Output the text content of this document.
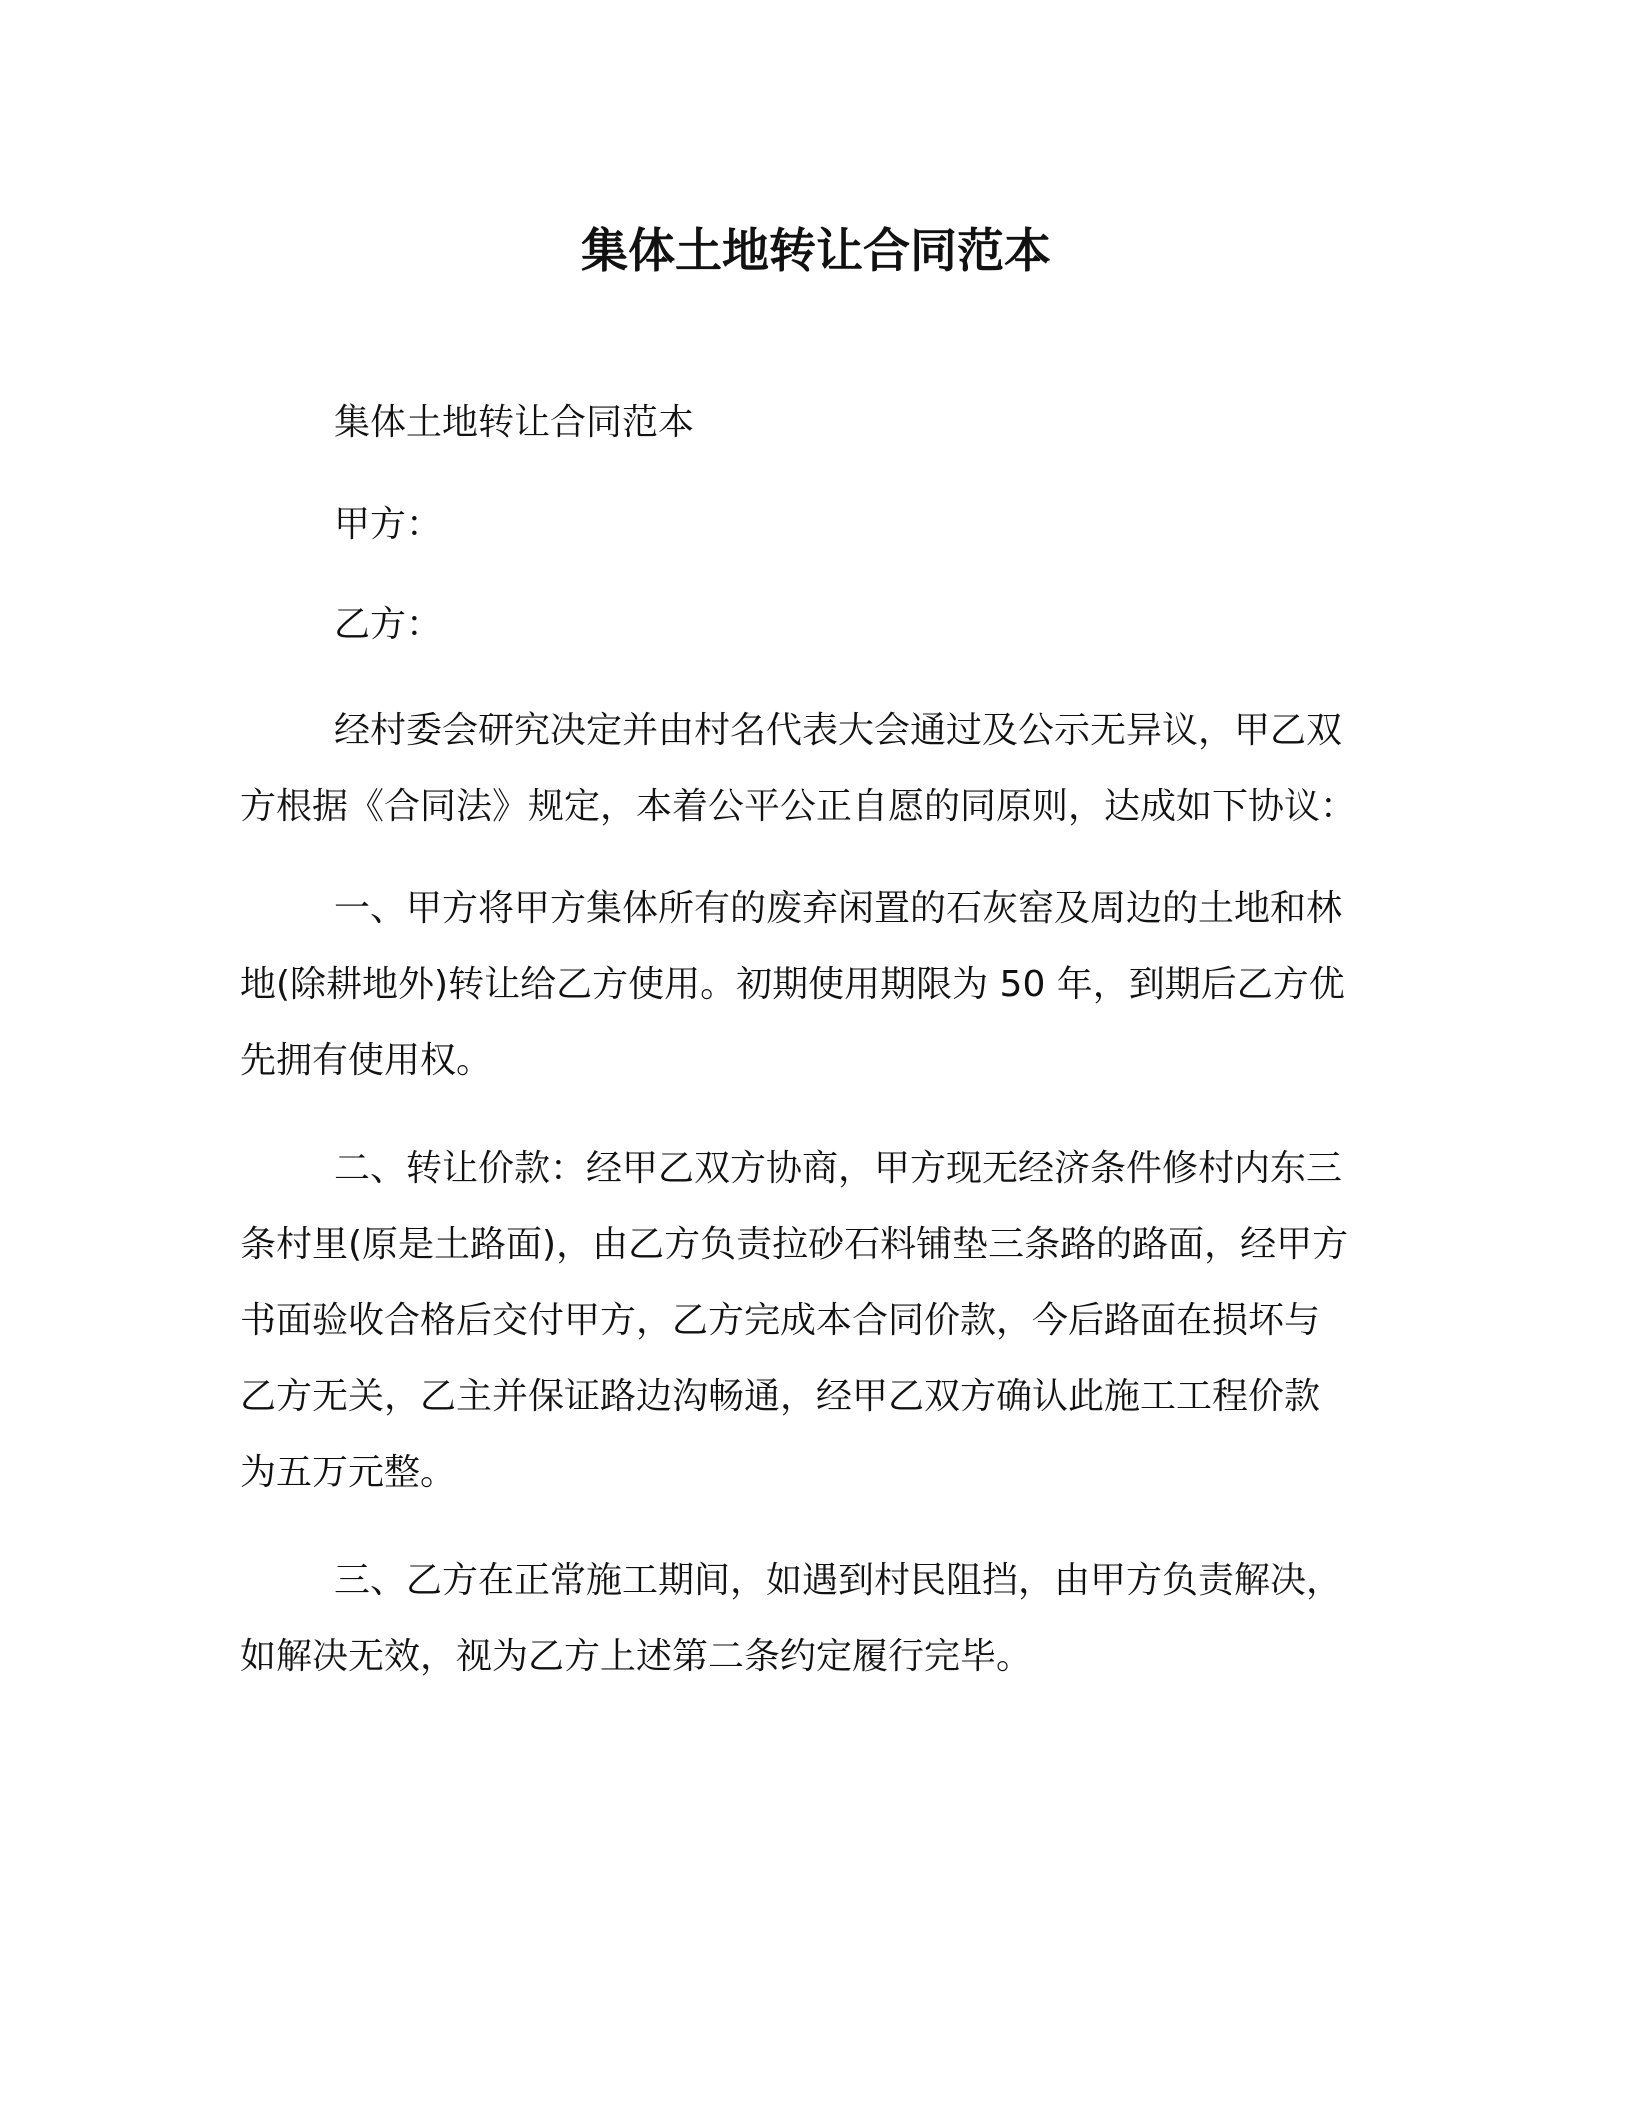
集体土地转让合同范本

集体土地转让合同范本

甲方：

乙方：

经村委会研究决定并由村名代表大会通过及公示无异议，甲乙双

方根据《合同法》规定，本着公平公正自愿的同原则，达成如下协议：

一、甲方将甲方集体所有的废弃闲置的石灰窑及周边的土地和林

地(除耕地外)转让给乙方使用。初期使用期限为 50 年，到期后乙方优

先拥有使用权。

二、转让价款：经甲乙双方协商，甲方现无经济条件修村内东三

条村里(原是土路面)，由乙方负责拉砂石料铺垫三条路的路面，经甲方

书面验收合格后交付甲方，乙方完成本合同价款，今后路面在损坏与

乙方无关，乙主并保证路边沟畅通，经甲乙双方确认此施工工程价款

为五万元整。

三、乙方在正常施工期间，如遇到村民阻挡，由甲方负责解决，

如解决无效，视为乙方上述第二条约定履行完毕。
